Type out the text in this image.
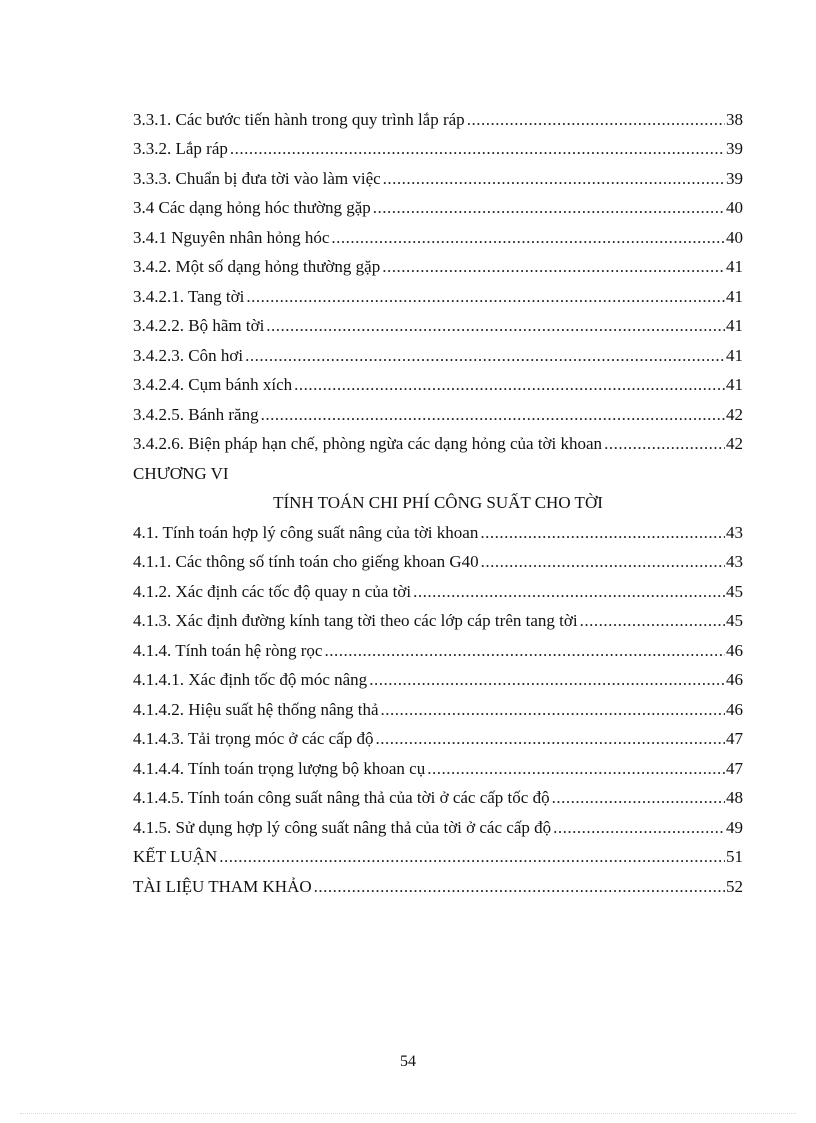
3.3.1. Các bước tiến hành trong quy trình lắp ráp .....	38
3.3.2. Lắp ráp .....	39
3.3.3. Chuẩn bị đưa tời vào làm việc .....	39
3.4 Các dạng hỏng hóc thường gặp .....	40
3.4.1 Nguyên nhân hỏng hóc .....	40
3.4.2. Một số dạng hỏng thường gặp .....	41
3.4.2.1. Tang tời .....	41
3.4.2.2. Bộ hãm tời .....	41
3.4.2.3. Côn hơi .....	41
3.4.2.4. Cụm bánh xích .....	41
3.4.2.5. Bánh răng .....	42
3.4.2.6. Biện pháp hạn chế, phòng ngừa các dạng hỏng của tời khoan .....	42
CHƯƠNG VI
TÍNH TOÁN CHI PHÍ CÔNG SUẤT CHO TỜI
4.1. Tính toán hợp lý công suất nâng của tời khoan .....	43
4.1.1. Các thông số tính toán cho giếng khoan G40 .....	43
4.1.2. Xác định các tốc độ quay n của tời .....	45
4.1.3. Xác định đường kính tang tời theo các lớp cáp trên tang tời .....	45
4.1.4. Tính toán hệ ròng rọc .....	46
4.1.4.1. Xác định tốc độ móc nâng .....	46
4.1.4.2. Hiệu suất hệ thống nâng thả .....	46
4.1.4.3. Tải trọng móc ở các cấp độ .....	47
4.1.4.4. Tính toán trọng lượng bộ khoan cụ .....	47
4.1.4.5. Tính toán công suất nâng thả của tời ở các cấp tốc độ .....	48
4.1.5. Sử dụng hợp lý công suất nâng thả của tời ở các cấp độ .....	49
KẾT LUẬN .....	51
TÀI LIỆU THAM KHẢO .....	52
54
